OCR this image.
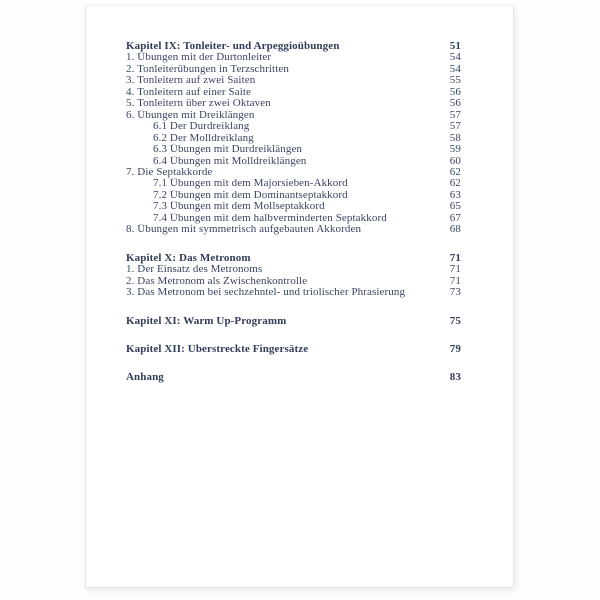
Kapitel IX: Tonleiter- und Arpeggioübungen	51
1. Übungen mit der Durtonleiter	54
2. Tonleiterübungen in Terzschritten	54
3. Tonleitern auf zwei Saiten	55
4. Tonleitern auf einer Saite	56
5. Tonleitern über zwei Oktaven	56
6. Übungen mit Dreiklängen	57
6.1 Der Durdreiklang	57
6.2 Der Molldreiklang	58
6.3 Übungen mit Durdreiklängen	59
6.4 Übungen mit Molldreiklängen	60
7. Die Septakkorde	62
7.1 Übungen mit dem Majorsieben-Akkord	62
7.2 Übungen mit dem Dominantseptakkord	63
7.3 Übungen mit dem Mollseptakkord	65
7.4 Übungen mit dem halbverminderten Septakkord	67
8. Übungen mit symmetrisch aufgebauten Akkorden	68
Kapitel X: Das Metronom	71
1. Der Einsatz des Metronoms	71
2. Das Metronom als Zwischenkontrolle	71
3. Das Metronom bei sechzehntel- und triolischer Phrasierung	73
Kapitel XI: Warm Up-Programm	75
Kapitel XII: Überstreckte Fingersätze	79
Anhang	83
